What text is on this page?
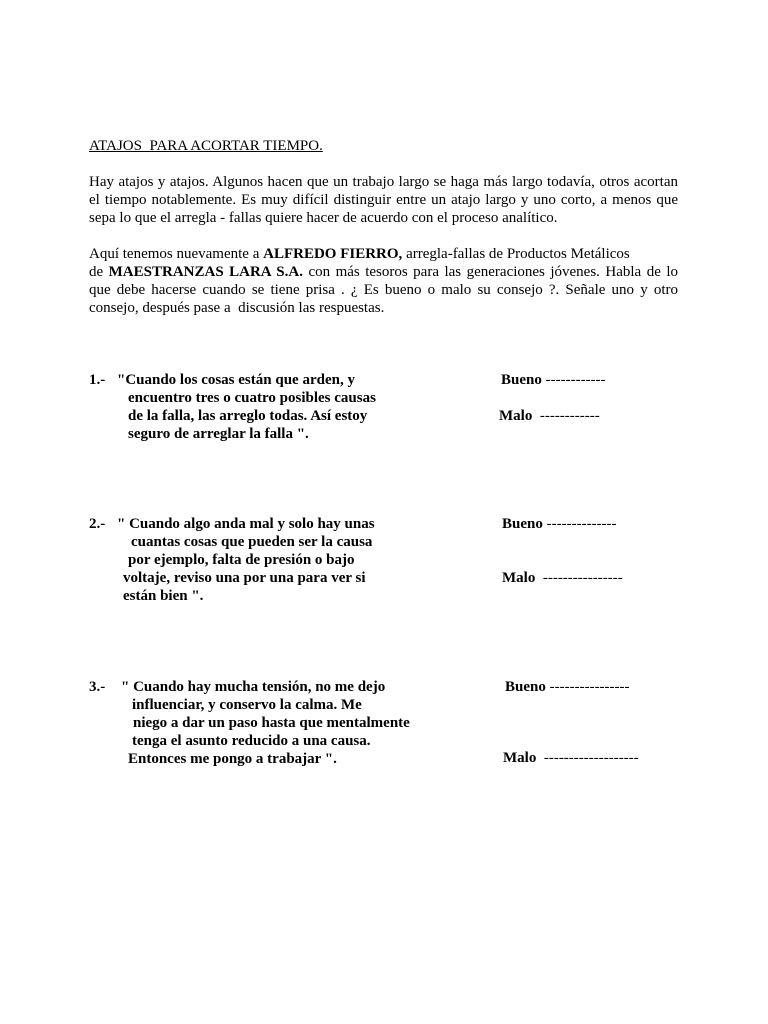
ATAJOS  PARA ACORTAR TIEMPO.
Hay atajos y atajos. Algunos hacen que un trabajo largo se haga más largo todavía, otros acortan el tiempo notablemente. Es muy difícil distinguir entre un atajo largo y uno corto, a menos que sepa lo que el arregla - fallas quiere hacer de acuerdo con el proceso analítico.
Aquí tenemos nuevamente a ALFREDO FIERRO, arregla-fallas de Productos Metálicos
de MAESTRANZAS LARA S.A. con más tesoros para las generaciones jóvenes. Habla de lo
que debe hacerse cuando se tiene prisa . ¿ Es bueno o malo su consejo ?. Señale uno y otro
consejo, después pase a  discusión las respuestas.
1.- "Cuando los cosas están que arden, y
encuentro tres o cuatro posibles causas
de la falla, las arreglo todas. Así estoy
seguro de arreglar la falla ".
Bueno ------------
Malo  ------------
2.- " Cuando algo anda mal y solo hay unas
cuantas cosas que pueden ser la causa
por ejemplo, falta de presión o bajo
voltaje, reviso una por una para ver si
están bien ".
Bueno --------------
Malo  ----------------
3.- " Cuando hay mucha tensión, no me dejo
influenciar, y conservo la calma. Me
niego a dar un paso hasta que mentalmente
tenga el asunto reducido a una causa.
Entonces me pongo a trabajar ".
Bueno ----------------
Malo  -------------------
